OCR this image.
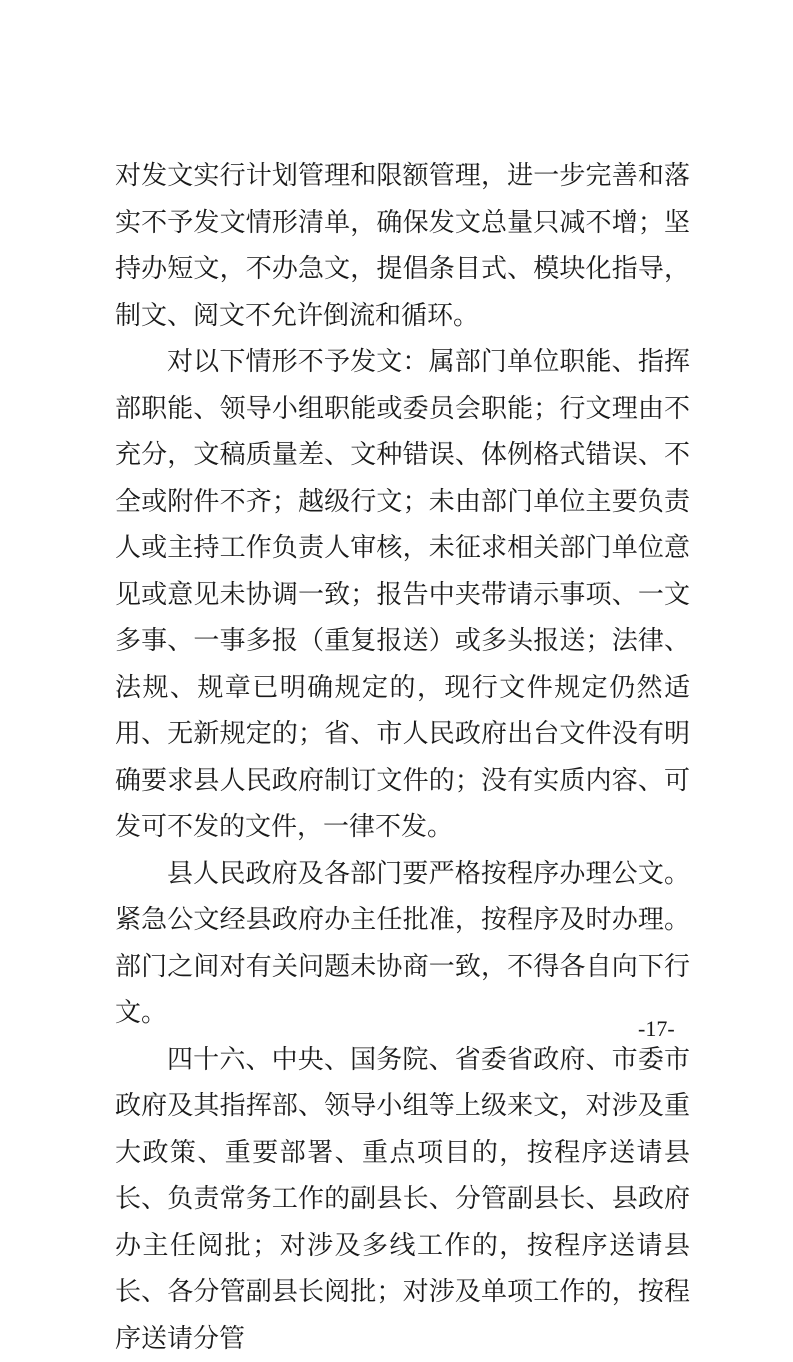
对发文实行计划管理和限额管理，进一步完善和落实不予发文情形清单，确保发文总量只减不增；坚持办短文，不办急文，提倡条目式、模块化指导，制文、阅文不允许倒流和循环。

对以下情形不予发文：属部门单位职能、指挥部职能、领导小组职能或委员会职能；行文理由不充分，文稿质量差、文种错误、体例格式错误、不全或附件不齐；越级行文；未由部门单位主要负责人或主持工作负责人审核，未征求相关部门单位意见或意见未协调一致；报告中夹带请示事项、一文多事、一事多报（重复报送）或多头报送；法律、法规、规章已明确规定的，现行文件规定仍然适用、无新规定的；省、市人民政府出台文件没有明确要求县人民政府制订文件的；没有实质内容、可发可不发的文件，一律不发。

县人民政府及各部门要严格按程序办理公文。紧急公文经县政府办主任批准，按程序及时办理。部门之间对有关问题未协商一致，不得各自向下行文。

四十六、中央、国务院、省委省政府、市委市政府及其指挥部、领导小组等上级来文，对涉及重大政策、重要部署、重点项目的，按程序送请县长、负责常务工作的副县长、分管副县长、县政府办主任阅批；对涉及多线工作的，按程序送请县长、各分管副县长阅批；对涉及单项工作的，按程序送请分管

-17-
